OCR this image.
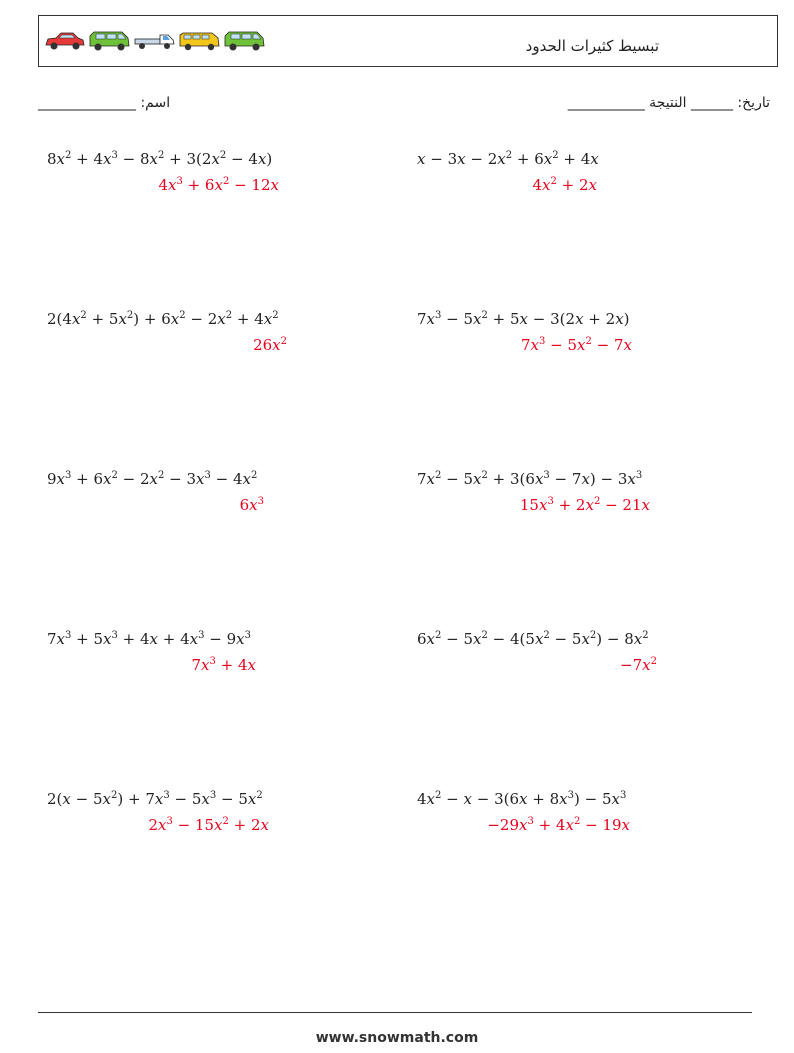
تبسيط كثيرات الحدود
اسم: ______________	تاريخ: ______ النتيجة ___________
$8x^2 + 4x^3 - 8x^2 + 3(2x^2 - 4x)$
$4x^3 + 6x^2 - 12x$
$x - 3x - 2x^2 + 6x^2 + 4x$
$4x^2 + 2x$
$2(4x^2 + 5x^2) + 6x^2 - 2x^2 + 4x^2$
$26x^2$
$7x^3 - 5x^2 + 5x - 3(2x + 2x)$
$7x^3 - 5x^2 - 7x$
$9x^3 + 6x^2 - 2x^2 - 3x^3 - 4x^2$
$6x^3$
$7x^2 - 5x^2 + 3(6x^3 - 7x) - 3x^3$
$15x^3 + 2x^2 - 21x$
$7x^3 + 5x^3 + 4x + 4x^3 - 9x^3$
$7x^3 + 4x$
$6x^2 - 5x^2 - 4(5x^2 - 5x^2) - 8x^2$
$-7x^2$
$2(x - 5x^2) + 7x^3 - 5x^3 - 5x^2$
$2x^3 - 15x^2 + 2x$
$4x^2 - x - 3(6x + 8x^3) - 5x^3$
$-29x^3 + 4x^2 - 19x$
www.snowmath.com
